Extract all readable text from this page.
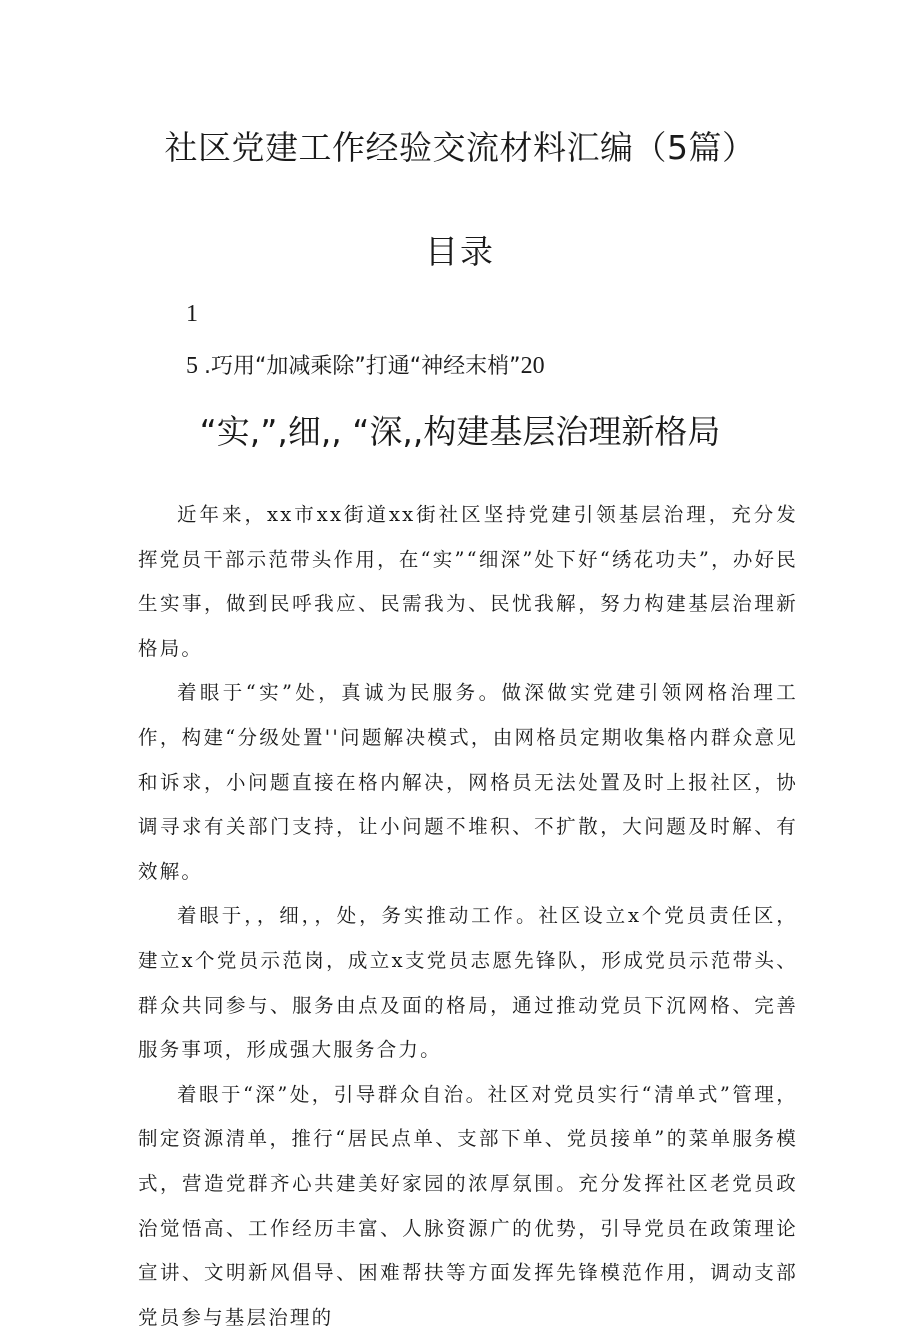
社区党建工作经验交流材料汇编（5篇）
目录
1
5 .巧用“加减乘除”打通“神经末梢”20
“实,”,细,, “深,,构建基层治理新格局

近年来，xx市xx街道xx街社区坚持党建引领基层治理，充分发挥党员干部示范带头作用，在“实”“细深”处下好“绣花功夫”，办好民生实事，做到民呼我应、民需我为、民忧我解，努力构建基层治理新格局。

着眼于“实”处，真诚为民服务。做深做实党建引领网格治理工作，构建“分级处置''问题解决模式，由网格员定期收集格内群众意见和诉求，小问题直接在格内解决，网格员无法处置及时上报社区，协调寻求有关部门支持，让小问题不堆积、不扩散，大问题及时解、有效解。

着眼于，，细，，处，务实推动工作。社区设立x个党员责任区，建立x个党员示范岗，成立x支党员志愿先锋队，形成党员示范带头、群众共同参与、服务由点及面的格局，通过推动党员下沉网格、完善服务事项，形成强大服务合力。

着眼于“深”处，引导群众自治。社区对党员实行“清单式”管理，制定资源清单，推行“居民点单、支部下单、党员接单”的菜单服务模式，营造党群齐心共建美好家园的浓厚氛围。充分发挥社区老党员政治觉悟高、工作经历丰富、人脉资源广的优势，引导党员在政策理论宣讲、文明新风倡导、困难帮扶等方面发挥先锋模范作用，调动支部党员参与基层治理的
